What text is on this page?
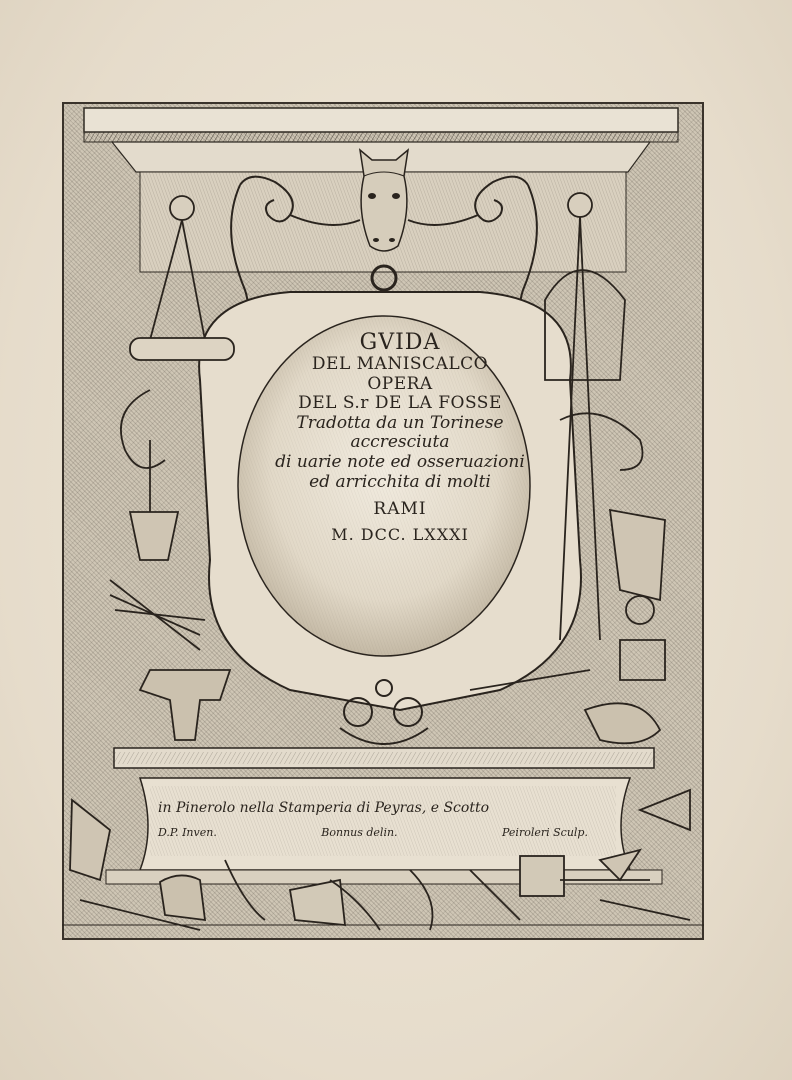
GVIDA
DEL MANISCALCO
OPERA
DEL S.r DE LA FOSSE
Tradotta da un Torinese
accresciuta
di uarie note ed osseruazioni
ed arricchita di molti
RAMI
M. DCC. LXXXI
in Pinerolo nella Stamperia di Peyras, e Scotto
D.P. Inven.	Bonnus delin.	Peiroleri Sculp.
